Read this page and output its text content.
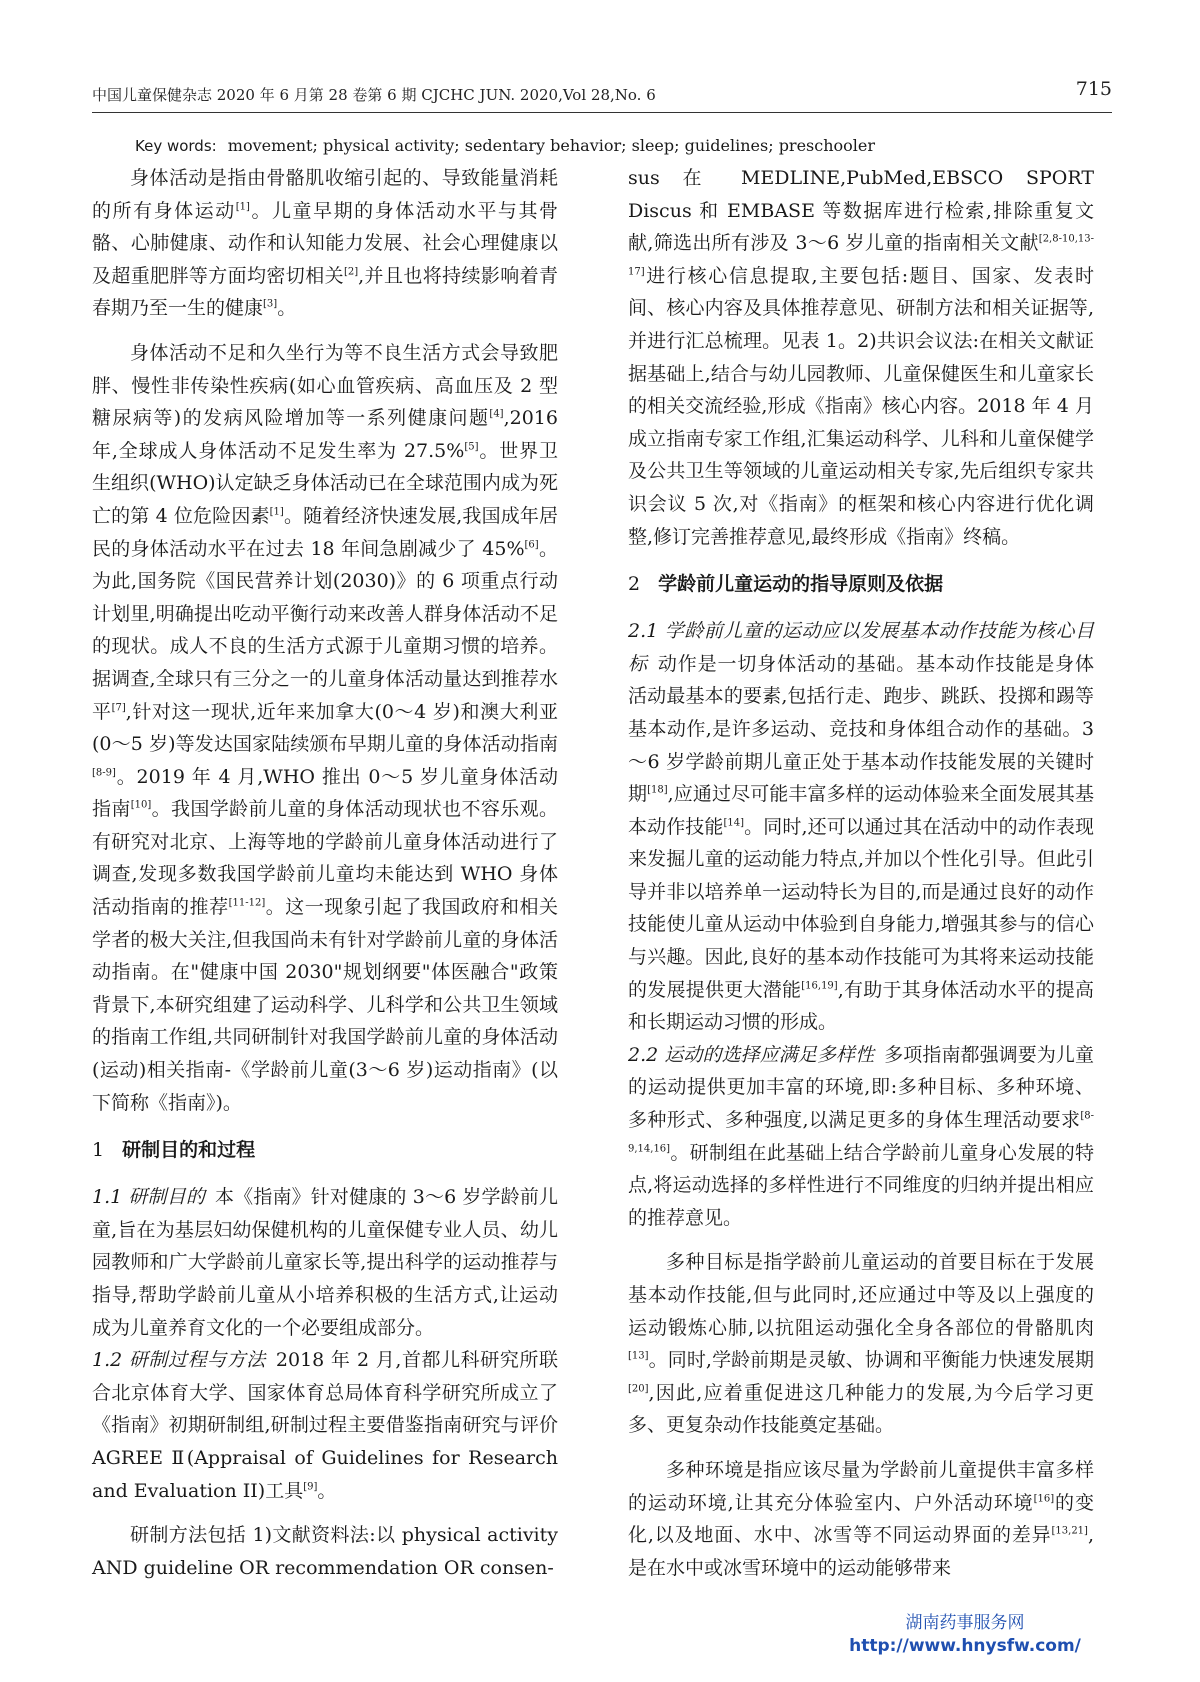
中国儿童保健杂志 2020 年 6 月第 28 卷第 6 期 CJCHC JUN. 2020,Vol 28,No. 6	715
Key words: movement; physical activity; sedentary behavior; sleep; guidelines; preschooler

身体活动是指由骨骼肌收缩引起的、导致能量消耗的所有身体运动[1]。儿童早期的身体活动水平与其骨骼、心肺健康、动作和认知能力发展、社会心理健康以及超重肥胖等方面均密切相关[2],并且也将持续影响着青春期乃至一生的健康[3]。

身体活动不足和久坐行为等不良生活方式会导致肥胖、慢性非传染性疾病(如心血管疾病、高血压及 2 型糖尿病等)的发病风险增加等一系列健康问题[4],2016 年,全球成人身体活动不足发生率为 27.5%[5]。世界卫生组织(WHO)认定缺乏身体活动已在全球范围内成为死亡的第 4 位危险因素[1]。随着经济快速发展,我国成年居民的身体活动水平在过去 18 年间急剧减少了 45%[6]。为此,国务院《国民营养计划(2030)》的 6 项重点行动计划里,明确提出吃动平衡行动来改善人群身体活动不足的现状。成人不良的生活方式源于儿童期习惯的培养。据调查,全球只有三分之一的儿童身体活动量达到推荐水平[7],针对这一现状,近年来加拿大(0～4 岁)和澳大利亚(0～5 岁)等发达国家陆续颁布早期儿童的身体活动指南[8-9]。2019 年 4 月,WHO 推出 0～5 岁儿童身体活动指南[10]。我国学龄前儿童的身体活动现状也不容乐观。有研究对北京、上海等地的学龄前儿童身体活动进行了调查,发现多数我国学龄前儿童均未能达到 WHO 身体活动指南的推荐[11-12]。这一现象引起了我国政府和相关学者的极大关注,但我国尚未有针对学龄前儿童的身体活动指南。在"健康中国 2030"规划纲要"体医融合"政策背景下,本研究组建了运动科学、儿科学和公共卫生领域的指南工作组,共同研制针对我国学龄前儿童的身体活动(运动)相关指南-《学龄前儿童(3～6 岁)运动指南》(以下简称《指南》)。

1 研制目的和过程

1.1 研制目的 本《指南》针对健康的 3～6 岁学龄前儿童,旨在为基层妇幼保健机构的儿童保健专业人员、幼儿园教师和广大学龄前儿童家长等,提出科学的运动推荐与指导,帮助学龄前儿童从小培养积极的生活方式,让运动成为儿童养育文化的一个必要组成部分。

1.2 研制过程与方法 2018 年 2 月,首都儿科研究所联合北京体育大学、国家体育总局体育科学研究所成立了《指南》初期研制组,研制过程主要借鉴指南研究与评价 AGREE Ⅱ(Appraisal of Guidelines for Research and Evaluation II)工具[9]。

研制方法包括 1)文献资料法:以 physical activity AND guideline OR recommendation OR consen-

sus 在 MEDLINE,PubMed,EBSCO SPORT Discus 和 EMBASE 等数据库进行检索,排除重复文献,筛选出所有涉及 3～6 岁儿童的指南相关文献[2,8-10,13-17]进行核心信息提取,主要包括:题目、国家、发表时间、核心内容及具体推荐意见、研制方法和相关证据等,并进行汇总梳理。见表 1。2)共识会议法:在相关文献证据基础上,结合与幼儿园教师、儿童保健医生和儿童家长的相关交流经验,形成《指南》核心内容。2018 年 4 月成立指南专家工作组,汇集运动科学、儿科和儿童保健学及公共卫生等领域的儿童运动相关专家,先后组织专家共识会议 5 次,对《指南》的框架和核心内容进行优化调整,修订完善推荐意见,最终形成《指南》终稿。

2 学龄前儿童运动的指导原则及依据

2.1 学龄前儿童的运动应以发展基本动作技能为核心目标 动作是一切身体活动的基础。基本动作技能是身体活动最基本的要素,包括行走、跑步、跳跃、投掷和踢等基本动作,是许多运动、竞技和身体组合动作的基础。3～6 岁学龄前期儿童正处于基本动作技能发展的关键时期[18],应通过尽可能丰富多样的运动体验来全面发展其基本动作技能[14]。同时,还可以通过其在活动中的动作表现来发掘儿童的运动能力特点,并加以个性化引导。但此引导并非以培养单一运动特长为目的,而是通过良好的动作技能使儿童从运动中体验到自身能力,增强其参与的信心与兴趣。因此,良好的基本动作技能可为其将来运动技能的发展提供更大潜能[16,19],有助于其身体活动水平的提高和长期运动习惯的形成。

2.2 运动的选择应满足多样性 多项指南都强调要为儿童的运动提供更加丰富的环境,即:多种目标、多种环境、多种形式、多种强度,以满足更多的身体生理活动要求[8-9,14,16]。研制组在此基础上结合学龄前儿童身心发展的特点,将运动选择的多样性进行不同维度的归纳并提出相应的推荐意见。

多种目标是指学龄前儿童运动的首要目标在于发展基本动作技能,但与此同时,还应通过中等及以上强度的运动锻炼心肺,以抗阻运动强化全身各部位的骨骼肌肉[13]。同时,学龄前期是灵敏、协调和平衡能力快速发展期[20],因此,应着重促进这几种能力的发展,为今后学习更多、更复杂动作技能奠定基础。

多种环境是指应该尽量为学龄前儿童提供丰富多样的运动环境,让其充分体验室内、户外活动环境[16]的变化,以及地面、水中、冰雪等不同运动界面的差异[13,21],是在水中或冰雪环境中的运动能够带来

湖南药事服务网
http://www.hnysfw.com/
